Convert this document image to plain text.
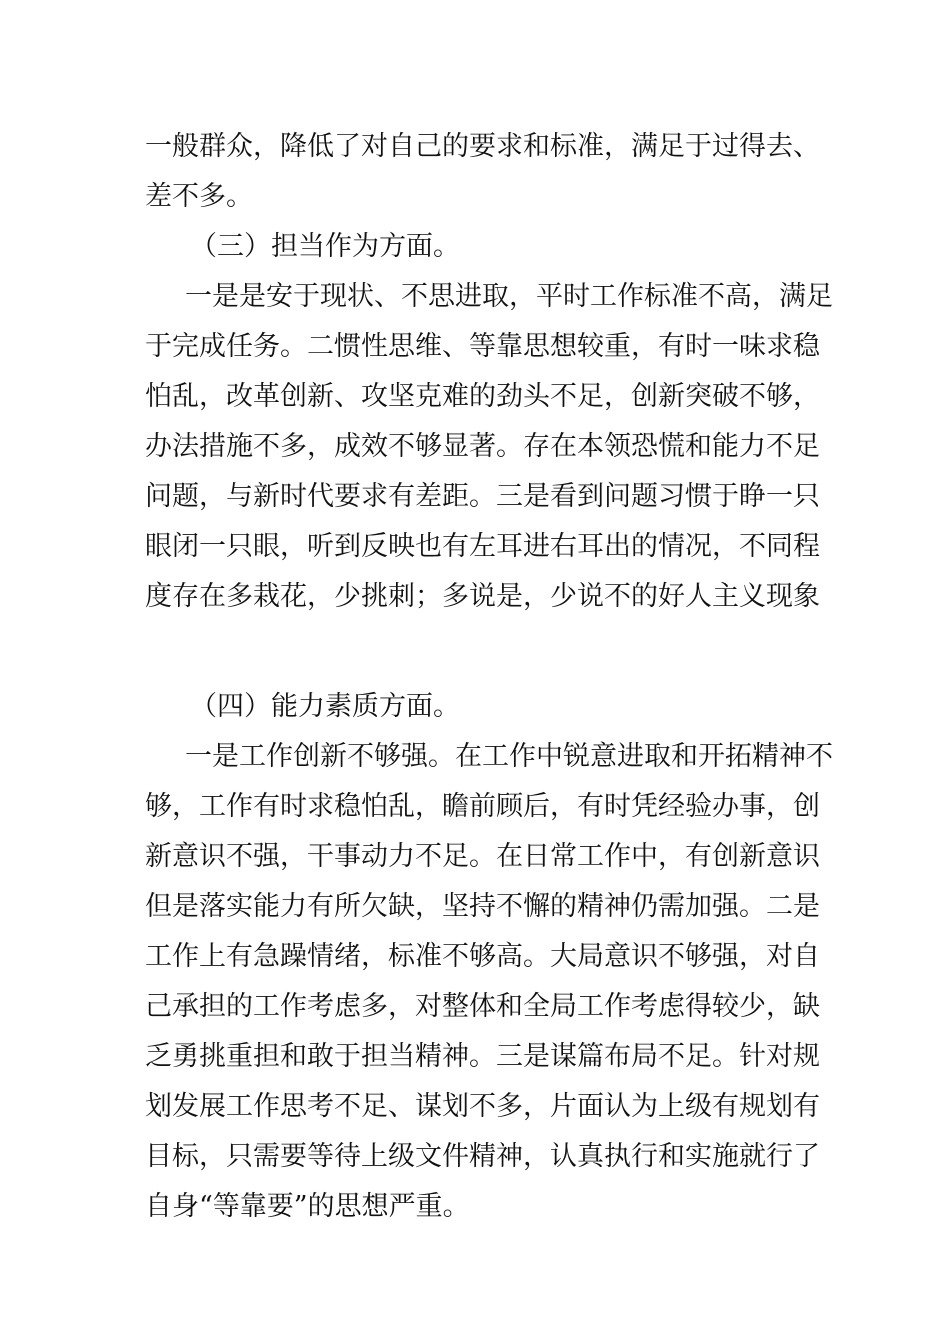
一般群众，降低了对自己的要求和标准，满足于过得去、
差不多。
（三）担当作为方面。
一是是安于现状、不思进取，平时工作标准不高，满足
于完成任务。二惯性思维、等靠思想较重，有时一味求稳
怕乱，改革创新、攻坚克难的劲头不足，创新突破不够，
办法措施不多，成效不够显著。存在本领恐慌和能力不足
问题，与新时代要求有差距。三是看到问题习惯于睁一只
眼闭一只眼，听到反映也有左耳进右耳出的情况，不同程
度存在多栽花，少挑刺；多说是，少说不的好人主义现象
（四）能力素质方面。
一是工作创新不够强。在工作中锐意进取和开拓精神不
够，工作有时求稳怕乱，瞻前顾后，有时凭经验办事，创
新意识不强，干事动力不足。在日常工作中，有创新意识
但是落实能力有所欠缺，坚持不懈的精神仍需加强。二是
工作上有急躁情绪，标准不够高。大局意识不够强，对自
己承担的工作考虑多，对整体和全局工作考虑得较少，缺
乏勇挑重担和敢于担当精神。三是谋篇布局不足。针对规
划发展工作思考不足、谋划不多，片面认为上级有规划有
目标，只需要等待上级文件精神，认真执行和实施就行了
自身“等靠要”的思想严重。
